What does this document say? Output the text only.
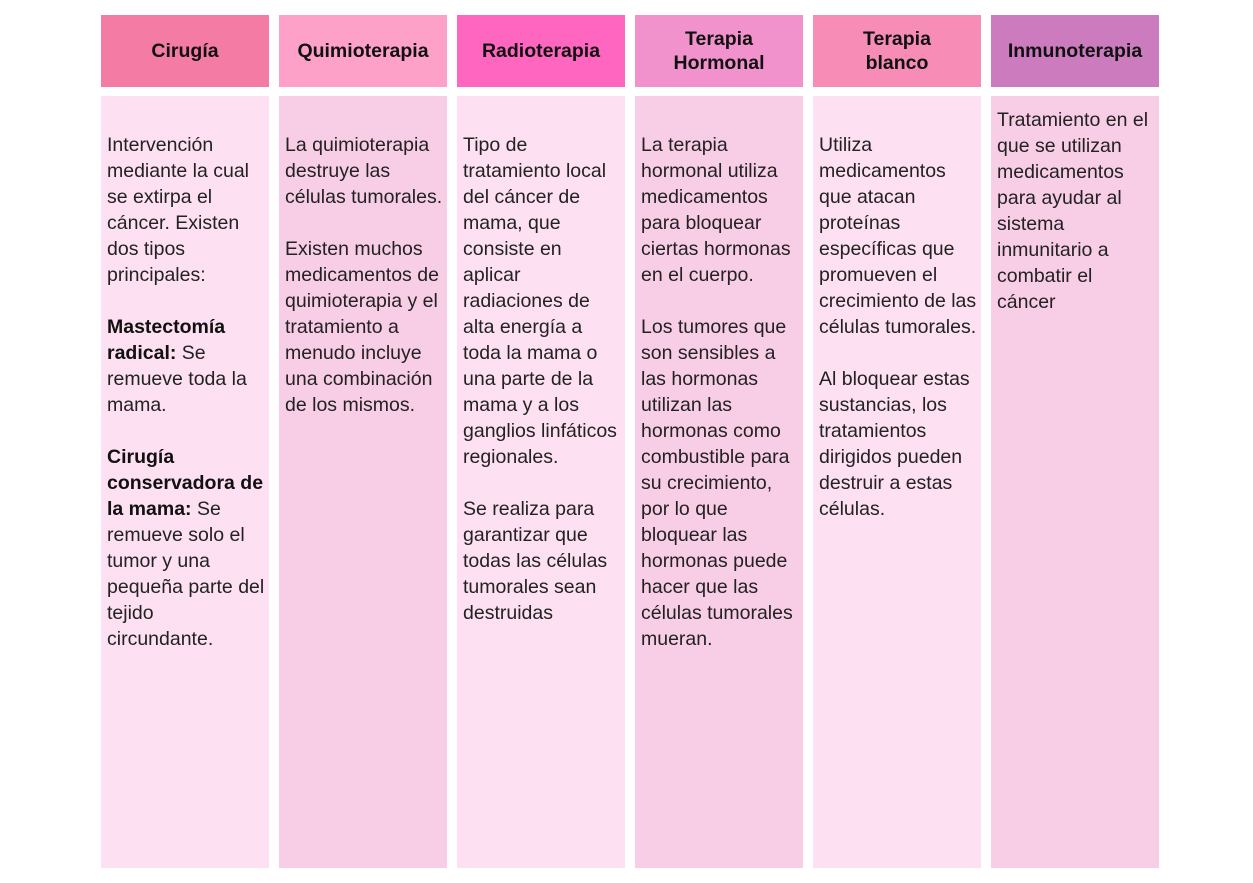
Cirugía

Intervención mediante la cual se extirpa el cáncer. Existen dos tipos principales:

Mastectomía radical: Se remueve toda la mama.

Cirugía conservadora de la mama: Se remueve solo el tumor y una pequeña parte del tejido circundante.

Quimioterapia

La quimioterapia destruye las células tumorales.

Existen muchos medicamentos de quimioterapia y el tratamiento a menudo incluye una combinación de los mismos.

Radioterapia

Tipo de tratamiento local del cáncer de mama, que consiste en aplicar radiaciones de alta energía a toda la mama o una parte de la mama y a los ganglios linfáticos regionales.

Se realiza para garantizar que todas las células tumorales sean destruidas

Terapia Hormonal

La terapia hormonal utiliza medicamentos para bloquear ciertas hormonas en el cuerpo.

Los tumores que son sensibles a las hormonas utilizan las hormonas como combustible para su crecimiento, por lo que bloquear las hormonas puede hacer que las células tumorales mueran.

Terapia blanco

Utiliza medicamentos que atacan proteínas específicas que promueven el crecimiento de las células tumorales.

Al bloquear estas sustancias, los tratamientos dirigidos pueden destruir a estas células.

Inmunoterapia

Tratamiento en el que se utilizan medicamentos para ayudar al sistema inmunitario a combatir el cáncer
